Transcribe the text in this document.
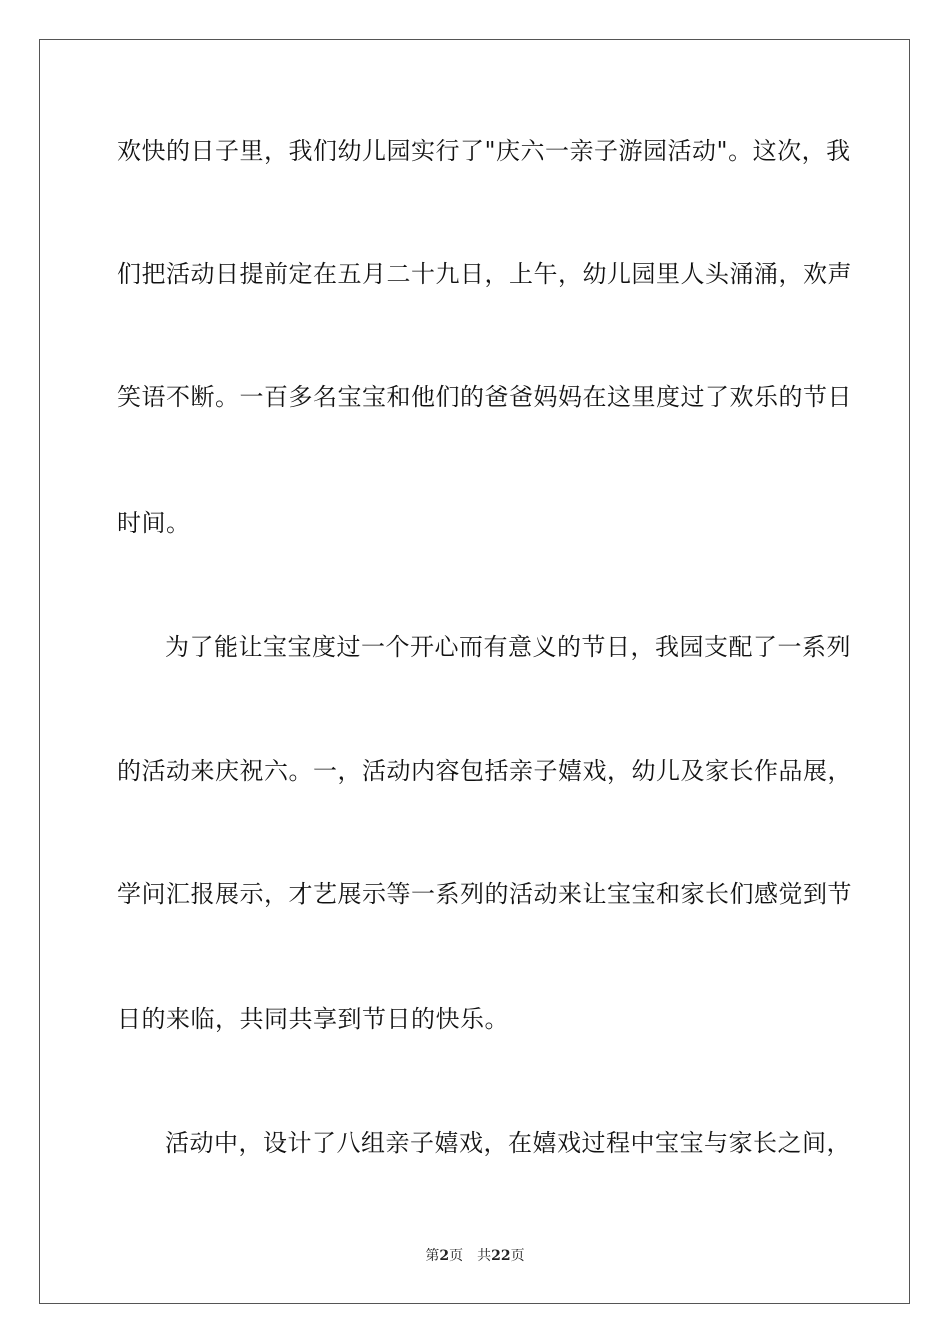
欢快的日子里，我们幼儿园实行了"庆六一亲子游园活动"。这次，我
们把活动日提前定在五月二十九日，上午，幼儿园里人头涌涌，欢声
笑语不断。一百多名宝宝和他们的爸爸妈妈在这里度过了欢乐的节日
时间。
为了能让宝宝度过一个开心而有意义的节日，我园支配了一系列
的活动来庆祝六。一，活动内容包括亲子嬉戏，幼儿及家长作品展，
学问汇报展示，才艺展示等一系列的活动来让宝宝和家长们感觉到节
日的来临，共同共享到节日的快乐。
活动中，设计了八组亲子嬉戏，在嬉戏过程中宝宝与家长之间，
第2页 共22页
